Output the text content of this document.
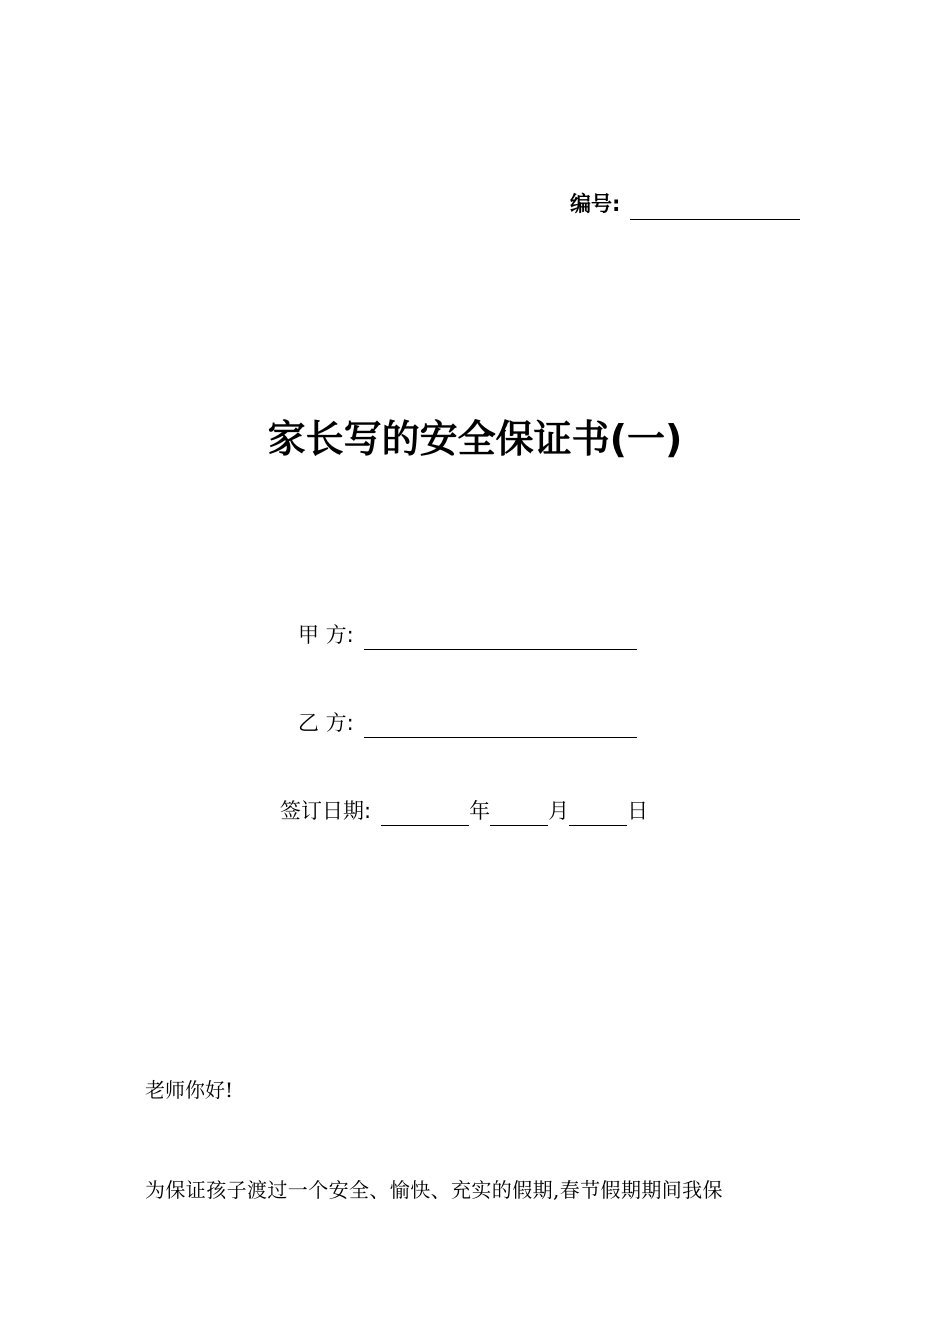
编号:
家长写的安全保证书(一)
甲 方:
乙 方:
签订日期:	年	月	日
老师你好!
为保证孩子渡过一个安全、愉快、充实的假期,春节假期期间我保
